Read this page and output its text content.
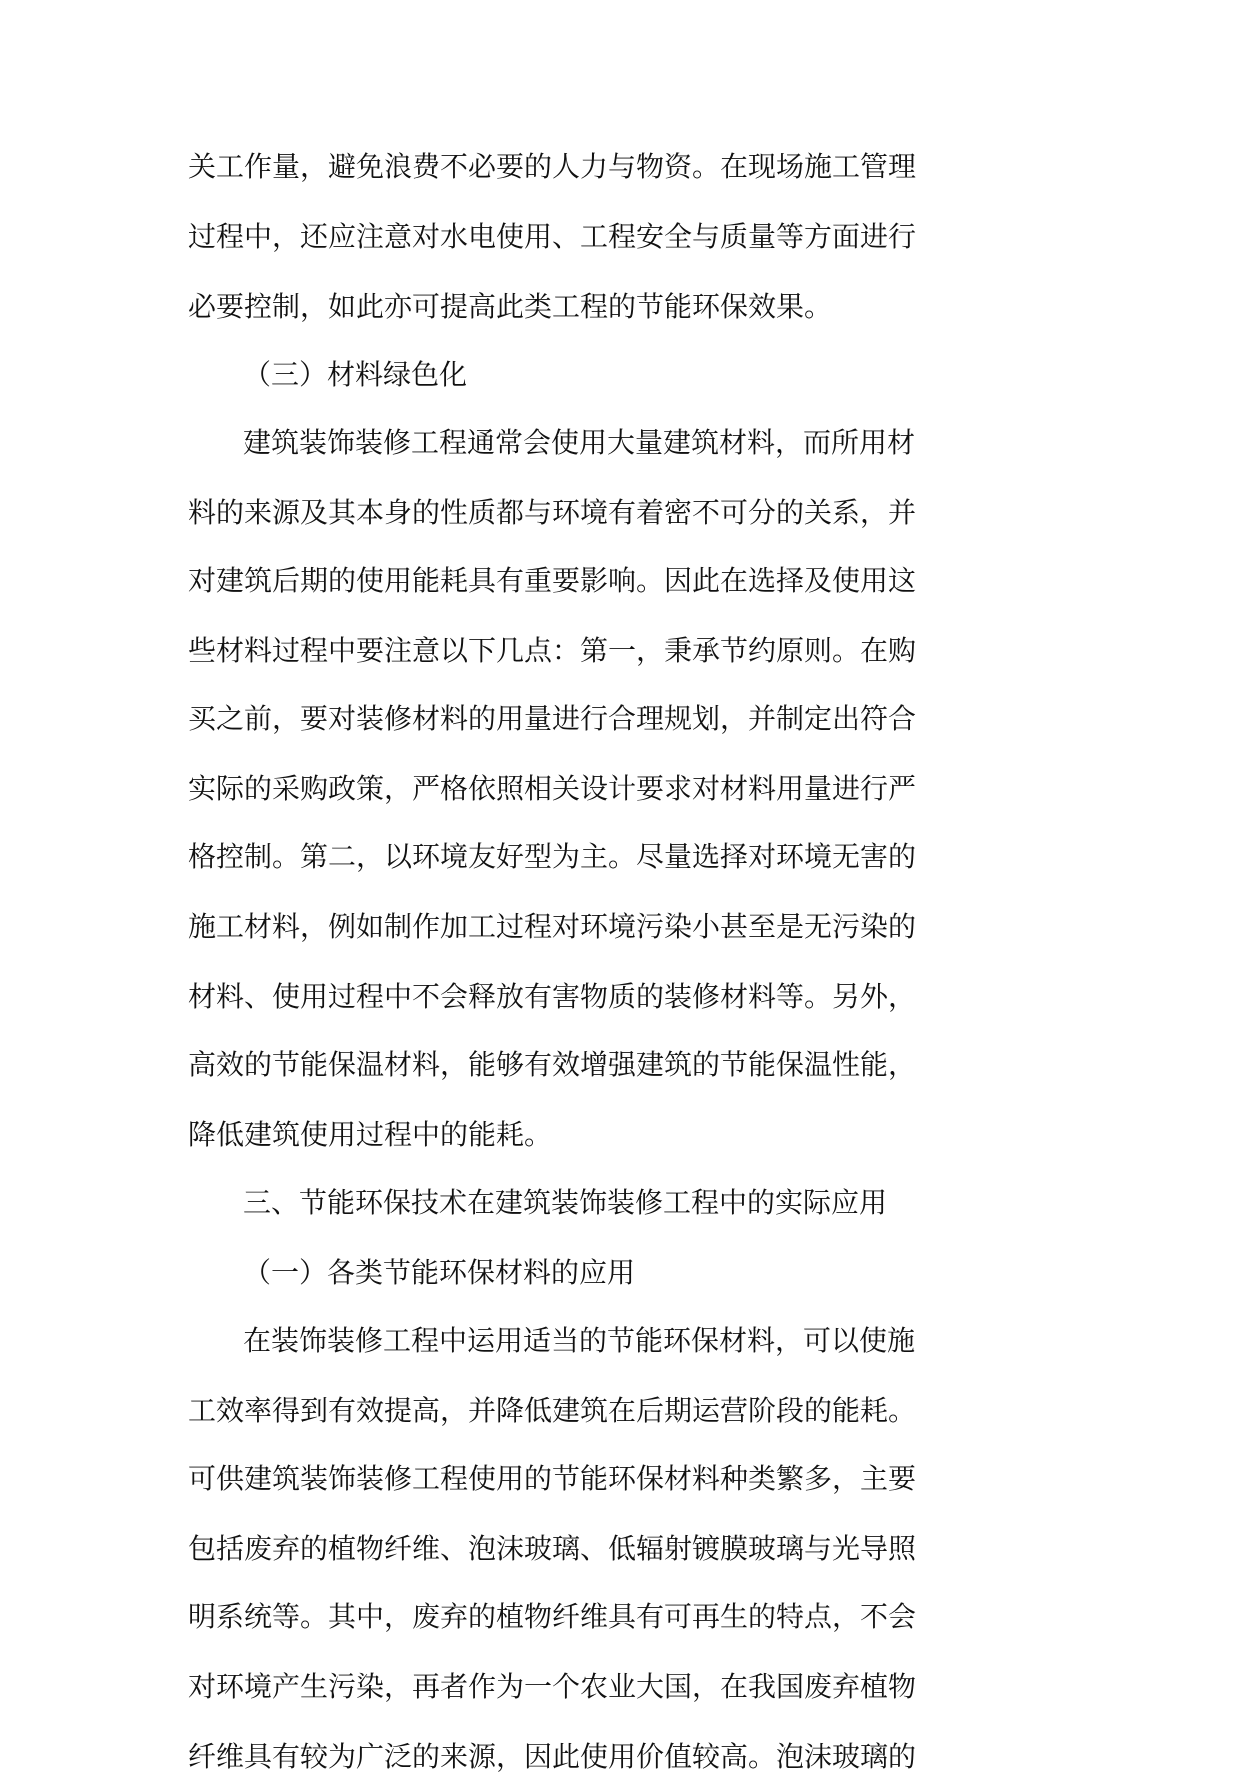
关工作量，避免浪费不必要的人力与物资。在现场施工管理

过程中，还应注意对水电使用、工程安全与质量等方面进行

必要控制，如此亦可提高此类工程的节能环保效果。

（三）材料绿色化

建筑装饰装修工程通常会使用大量建筑材料，而所用材

料的来源及其本身的性质都与环境有着密不可分的关系，并

对建筑后期的使用能耗具有重要影响。因此在选择及使用这

些材料过程中要注意以下几点：第一，秉承节约原则。在购

买之前，要对装修材料的用量进行合理规划，并制定出符合

实际的采购政策，严格依照相关设计要求对材料用量进行严

格控制。第二，以环境友好型为主。尽量选择对环境无害的

施工材料，例如制作加工过程对环境污染小甚至是无污染的

材料、使用过程中不会释放有害物质的装修材料等。另外，

高效的节能保温材料，能够有效增强建筑的节能保温性能，

降低建筑使用过程中的能耗。

三、节能环保技术在建筑装饰装修工程中的实际应用

（一）各类节能环保材料的应用

在装饰装修工程中运用适当的节能环保材料，可以使施

工效率得到有效提高，并降低建筑在后期运营阶段的能耗。

可供建筑装饰装修工程使用的节能环保材料种类繁多，主要

包括废弃的植物纤维、泡沫玻璃、低辐射镀膜玻璃与光导照

明系统等。其中，废弃的植物纤维具有可再生的特点，不会

对环境产生污染，再者作为一个农业大国，在我国废弃植物

纤维具有较为广泛的来源，因此使用价值较高。泡沫玻璃的
